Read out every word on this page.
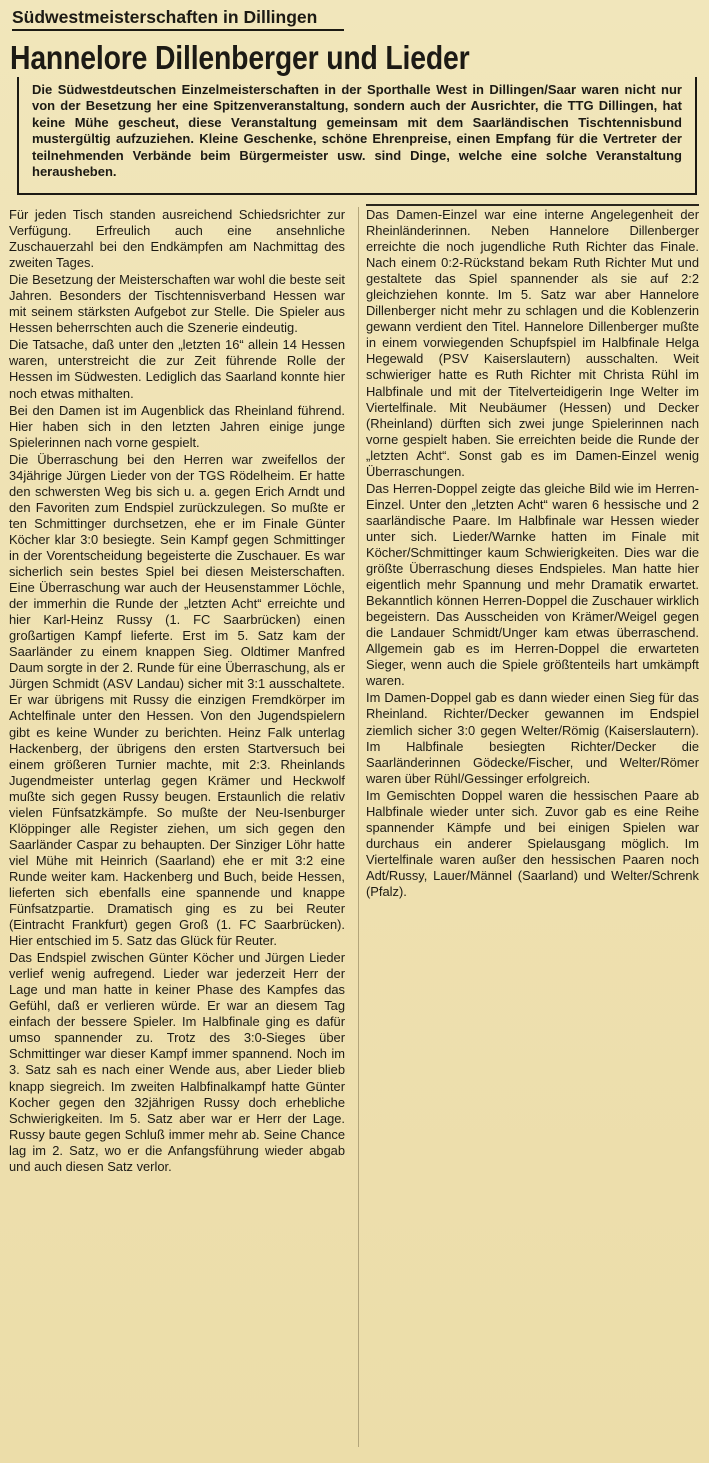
Südwestmeisterschaften in Dillingen
Hannelore Dillenberger und Lieder
Die Südwestdeutschen Einzelmeisterschaften in der Sporthalle West in Dillingen/Saar waren nicht nur von der Besetzung her eine Spitzenveranstaltung, sondern auch der Ausrichter, die TTG Dillingen, hat keine Mühe gescheut, diese Veranstaltung gemeinsam mit dem Saarländischen Tischtennisbund mustergültig aufzuziehen. Kleine Geschenke, schöne Ehrenpreise, einen Empfang für die Vertreter der teilnehmenden Verbände beim Bürgermeister usw. sind Dinge, welche eine solche Veranstaltung herausheben.

Für jeden Tisch standen ausreichend Schiedsrichter zur Verfügung. Erfreulich auch eine ansehnliche Zuschauerzahl bei den Endkämpfen am Nachmittag des zweiten Tages.

Die Besetzung der Meisterschaften war wohl die beste seit Jahren. Besonders der Tischtennisverband Hessen war mit seinem stärksten Aufgebot zur Stelle. Die Spieler aus Hessen beherrschten auch die Szenerie eindeutig.

Die Tatsache, daß unter den „letzten 16“ allein 14 Hessen waren, unterstreicht die zur Zeit führende Rolle der Hessen im Südwesten. Lediglich das Saarland konnte hier noch etwas mithalten.

Bei den Damen ist im Augenblick das Rheinland führend. Hier haben sich in den letzten Jahren einige junge Spielerinnen nach vorne gespielt.

Die Überraschung bei den Herren war zweifellos der 34jährige Jürgen Lieder von der TGS Rödelheim. Er hatte den schwersten Weg bis sich u. a. gegen Erich Arndt und den Favoriten zum Endspiel zurückzulegen. So mußte er ten Schmittinger durchsetzen, ehe er im Finale Günter Köcher klar 3:0 besiegte. Sein Kampf gegen Schmittinger in der Vorentscheidung begeisterte die Zuschauer. Es war sicherlich sein bestes Spiel bei diesen Meisterschaften. Eine Überraschung war auch der Heusenstammer Löchle, der immerhin die Runde der „letzten Acht“ erreichte und hier Karl-Heinz Russy (1. FC Saarbrücken) einen großartigen Kampf lieferte. Erst im 5. Satz kam der Saarländer zu einem knappen Sieg. Oldtimer Manfred Daum sorgte in der 2. Runde für eine Überraschung, als er Jürgen Schmidt (ASV Landau) sicher mit 3:1 ausschaltete. Er war übrigens mit Russy die einzigen Fremdkörper im Achtelfinale unter den Hessen. Von den Jugendspielern gibt es keine Wunder zu berichten. Heinz Falk unterlag Hackenberg, der übrigens den ersten Startversuch bei einem größeren Turnier machte, mit 2:3. Rheinlands Jugendmeister unterlag gegen Krämer und Heckwolf mußte sich gegen Russy beugen. Erstaunlich die relativ vielen Fünfsatzkämpfe. So mußte der Neu-Isenburger Klöppinger alle Register ziehen, um sich gegen den Saarländer Caspar zu behaupten. Der Sinziger Löhr hatte viel Mühe mit Heinrich (Saarland) ehe er mit 3:2 eine Runde weiter kam. Hackenberg und Buch, beide Hessen, lieferten sich ebenfalls eine spannende und knappe Fünfsatzpartie. Dramatisch ging es zu bei Reuter (Eintracht Frankfurt) gegen Groß (1. FC Saarbrücken). Hier entschied im 5. Satz das Glück für Reuter.

Das Endspiel zwischen Günter Köcher und Jürgen Lieder verlief wenig aufregend. Lieder war jederzeit Herr der Lage und man hatte in keiner Phase des Kampfes das Gefühl, daß er verlieren würde. Er war an diesem Tag einfach der bessere Spieler. Im Halbfinale ging es dafür umso spannender zu. Trotz des 3:0-Sieges über Schmittinger war dieser Kampf immer spannend. Noch im 3. Satz sah es nach einer Wende aus, aber Lieder blieb knapp siegreich. Im zweiten Halbfinalkampf hatte Günter Kocher gegen den 32jährigen Russy doch erhebliche Schwierigkeiten. Im 5. Satz aber war er Herr der Lage. Russy baute gegen Schluß immer mehr ab. Seine Chance lag im 2. Satz, wo er die Anfangsführung wieder abgab und auch diesen Satz verlor.

Das Damen-Einzel war eine interne Angelegenheit der Rheinländerinnen. Neben Hannelore Dillenberger erreichte die noch jugendliche Ruth Richter das Finale. Nach einem 0:2-Rückstand bekam Ruth Richter Mut und gestaltete das Spiel spannender als sie auf 2:2 gleichziehen konnte. Im 5. Satz war aber Hannelore Dillenberger nicht mehr zu schlagen und die Koblenzerin gewann verdient den Titel. Hannelore Dillenberger mußte in einem vorwiegenden Schupfspiel im Halbfinale Helga Hegewald (PSV Kaiserslautern) ausschalten. Weit schwieriger hatte es Ruth Richter mit Christa Rühl im Halbfinale und mit der Titelverteidigerin Inge Welter im Viertelfinale. Mit Neubäumer (Hessen) und Decker (Rheinland) dürften sich zwei junge Spielerinnen nach vorne gespielt haben. Sie erreichten beide die Runde der „letzten Acht“. Sonst gab es im Damen-Einzel wenig Überraschungen.

Das Herren-Doppel zeigte das gleiche Bild wie im Herren-Einzel. Unter den „letzten Acht“ waren 6 hessische und 2 saarländische Paare. Im Halbfinale war Hessen wieder unter sich. Lieder/Warnke hatten im Finale mit Köcher/Schmittinger kaum Schwierigkeiten. Dies war die größte Überraschung dieses Endspieles. Man hatte hier eigentlich mehr Spannung und mehr Dramatik erwartet. Bekanntlich können Herren-Doppel die Zuschauer wirklich begeistern. Das Ausscheiden von Krämer/Weigel gegen die Landauer Schmidt/Unger kam etwas überraschend. Allgemein gab es im Herren-Doppel die erwarteten Sieger, wenn auch die Spiele größtenteils hart umkämpft waren.

Im Damen-Doppel gab es dann wieder einen Sieg für das Rheinland. Richter/Decker gewannen im Endspiel ziemlich sicher 3:0 gegen Welter/Römig (Kaiserslautern). Im Halbfinale besiegten Richter/Decker die Saarländerinnen Gödecke/Fischer, und Welter/Römer waren über Rühl/Gessinger erfolgreich.

Im Gemischten Doppel waren die hessischen Paare ab Halbfinale wieder unter sich. Zuvor gab es eine Reihe spannender Kämpfe und bei einigen Spielen war durchaus ein anderer Spielausgang möglich. Im Viertelfinale waren außer den hessischen Paaren noch Adt/Russy, Lauer/Männel (Saarland) und Welter/Schrenk (Pfalz).
